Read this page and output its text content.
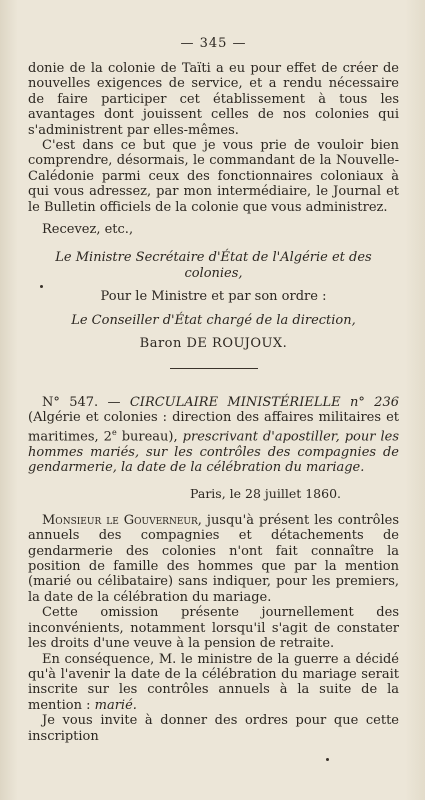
— 345 —

donie de la colonie de Taïti a eu pour effet de créer de nouvelles exigences de service, et a rendu nécessaire de faire participer cet établissement à tous les avantages dont jouissent celles de nos colonies qui s'administrent par elles-mêmes.

C'est dans ce but que je vous prie de vouloir bien comprendre, désormais, le commandant de la Nouvelle-Calédonie parmi ceux des fonctionnaires coloniaux à qui vous adressez, par mon intermédiaire, le Journal et le Bulletin officiels de la colonie que vous administrez.

Recevez, etc.,

Le Ministre Secrétaire d'État de l'Algérie et des colonies,
Pour le Ministre et par son ordre :
Le Conseiller d'État chargé de la direction,
Baron DE ROUJOUX.

N° 547. — CIRCULAIRE MINISTÉRIELLE n° 236 (Algérie et colonies : direction des affaires militaires et maritimes, 2e bureau), prescrivant d'apostiller, pour les hommes mariés, sur les contrôles des compagnies de gendarmerie, la date de la célébration du mariage.

Paris, le 28 juillet 1860.

Monsieur le Gouverneur, jusqu'à présent les contrôles annuels des compagnies et détachements de gendarmerie des colonies n'ont fait connaître la position de famille des hommes que par la mention (marié ou célibataire) sans indiquer, pour les premiers, la date de la célébration du mariage.

Cette omission présente journellement des inconvénients, notamment lorsqu'il s'agit de constater les droits d'une veuve à la pension de retraite.

En conséquence, M. le ministre de la guerre a décidé qu'à l'avenir la date de la célébration du mariage serait inscrite sur les contrôles annuels à la suite de la mention : marié.

Je vous invite à donner des ordres pour que cette inscription
